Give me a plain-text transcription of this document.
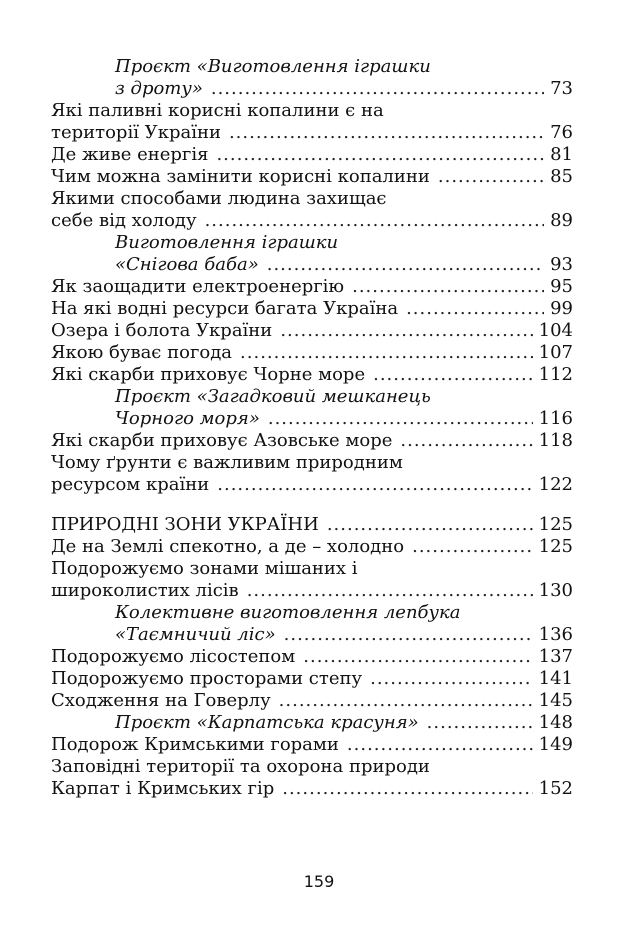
Проєкт «Виготовлення іграшки
з дроту» .....	73
Які паливні корисні копалини є на
території України .....	76
Де живе енергія .....	81
Чим можна замінити корисні копалини .....	85
Якими способами людина захищає
себе від холоду .....	89
Виготовлення іграшки
«Снігова баба» .....	93
Як заощадити електроенергію .....	95
На які водні ресурси багата Україна .....	99
Озера і болота України .....	104
Якою буває погода .....	107
Які скарби приховує Чорне море .....	112
Проєкт «Загадковий мешканець
Чорного моря» .....	116
Які скарби приховує Азовське море .....	118
Чому ґрунти є важливим природним
ресурсом країни .....	122
ПРИРОДНІ ЗОНИ УКРАЇНИ .....	125
Де на Землі спекотно, а де – холодно .....	125
Подорожуємо зонами мішаних і
широколистих лісів .....	130
Колективне виготовлення лепбука
«Таємничий ліс» .....	136
Подорожуємо лісостепом .....	137
Подорожуємо просторами степу .....	141
Сходження на Говерлу .....	145
Проєкт «Карпатська красуня» .....	148
Подорож Кримськими горами .....	149
Заповідні території та охорона природи
Карпат і Кримських гір .....	152
159
